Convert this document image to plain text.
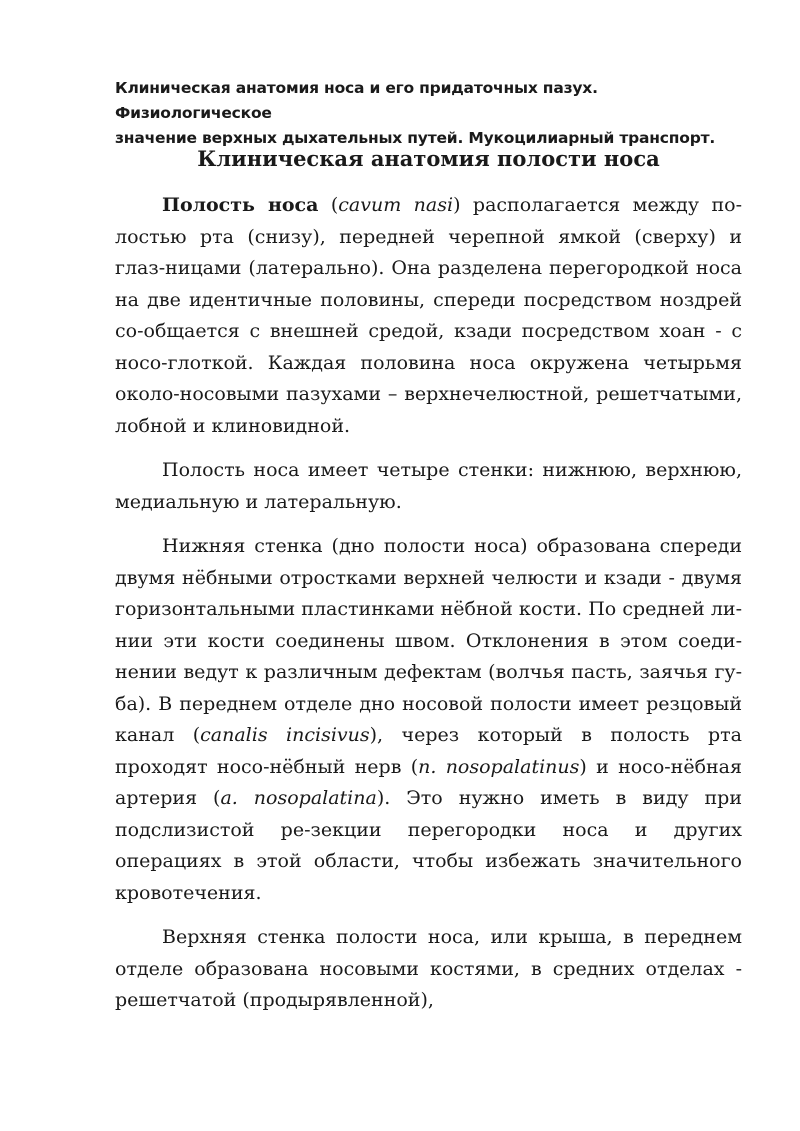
Клиническая анатомия носа и его придаточных пазух. Физиологическое
значение верхных дыхательных путей. Мукоцилиарный транспорт.
Клиническая анатомия полости носа

Полость носа (cavum nasi) располагается между по-лостью рта (снизу), передней черепной ямкой (сверху) и глаз-ницами (латерально). Она разделена перегородкой носа на две идентичные половины, спереди посредством ноздрей со-общается с внешней средой, кзади посредством хоан - с носо-глоткой. Каждая половина носа окружена четырьмя около-носовыми пазухами – верхнечелюстной, решетчатыми, лобной и клиновидной.

Полость носа имеет четыре стенки: нижнюю, верхнюю, медиальную и латеральную.

Нижняя стенка (дно полости носа) образована спереди двумя нёбными отростками верхней челюсти и кзади - двумя горизонтальными пластинками нёбной кости. По средней ли-нии эти кости соединены швом. Отклонения в этом соеди-нении ведут к различным дефектам (волчья пасть, заячья гу-ба). В переднем отделе дно носовой полости имеет резцовый канал (canalis incisivus), через который в полость рта проходят носо-нёбный нерв (n. nosopalatinus) и носо-нёбная артерия (a. nosopalatina). Это нужно иметь в виду при подслизистой ре-зекции перегородки носа и других операциях в этой области, чтобы избежать значительного кровотечения.

Верхняя стенка полости носа, или крыша, в переднем отделе образована носовыми костями, в средних отделах - решетчатой (продырявленной),
